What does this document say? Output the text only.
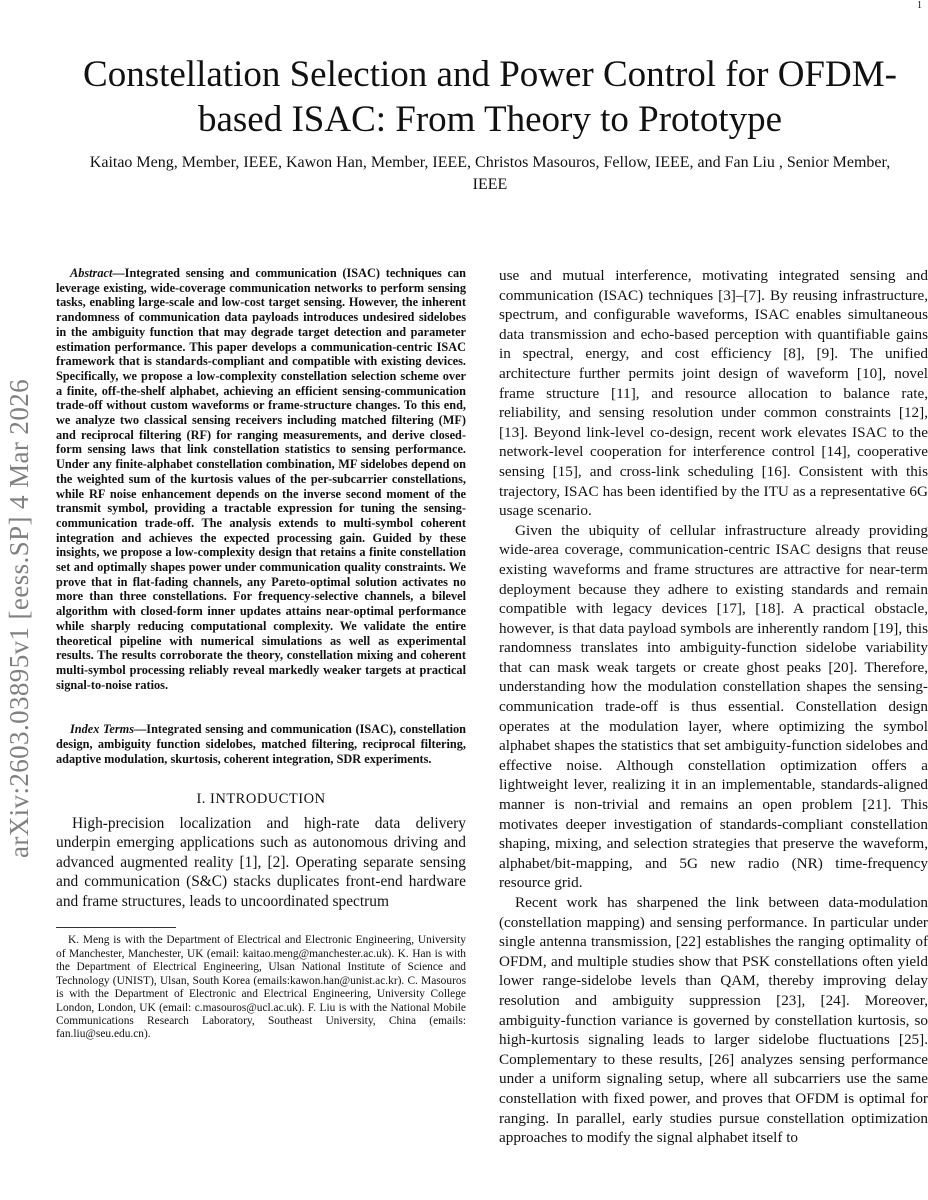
1
arXiv:2603.03895v1 [eess.SP] 4 Mar 2026
Constellation Selection and Power Control for OFDM-based ISAC: From Theory to Prototype
Kaitao Meng, Member, IEEE, Kawon Han, Member, IEEE, Christos Masouros, Fellow, IEEE, and Fan Liu , Senior Member, IEEE

Abstract—Integrated sensing and communication (ISAC) techniques can leverage existing, wide-coverage communication networks to perform sensing tasks, enabling large-scale and low-cost target sensing. However, the inherent randomness of communication data payloads introduces undesired sidelobes in the ambiguity function that may degrade target detection and parameter estimation performance. This paper develops a communication-centric ISAC framework that is standards-compliant and compatible with existing devices. Specifically, we propose a low-complexity constellation selection scheme over a finite, off-the-shelf alphabet, achieving an efficient sensing-communication trade-off without custom waveforms or frame-structure changes. To this end, we analyze two classical sensing receivers including matched filtering (MF) and reciprocal filtering (RF) for ranging measurements, and derive closed-form sensing laws that link constellation statistics to sensing performance. Under any finite-alphabet constellation combination, MF sidelobes depend on the weighted sum of the kurtosis values of the per-subcarrier constellations, while RF noise enhancement depends on the inverse second moment of the transmit symbol, providing a tractable expression for tuning the sensing-communication trade-off. The analysis extends to multi-symbol coherent integration and achieves the expected processing gain. Guided by these insights, we propose a low-complexity design that retains a finite constellation set and optimally shapes power under communication quality constraints. We prove that in flat-fading channels, any Pareto-optimal solution activates no more than three constellations. For frequency-selective channels, a bilevel algorithm with closed-form inner updates attains near-optimal performance while sharply reducing computational complexity. We validate the entire theoretical pipeline with numerical simulations as well as experimental results. The results corroborate the theory, constellation mixing and coherent multi-symbol processing reliably reveal markedly weaker targets at practical signal-to-noise ratios.

Index Terms—Integrated sensing and communication (ISAC), constellation design, ambiguity function sidelobes, matched filtering, reciprocal filtering, adaptive modulation, skurtosis, coherent integration, SDR experiments.

I. INTRODUCTION

High-precision localization and high-rate data delivery underpin emerging applications such as autonomous driving and advanced augmented reality [1], [2]. Operating separate sensing and communication (S&C) stacks duplicates front-end hardware and frame structures, leads to uncoordinated spectrum

K. Meng is with the Department of Electrical and Electronic Engineering, University of Manchester, Manchester, UK (email: kaitao.meng@manchester.ac.uk). K. Han is with the Department of Electrical Engineering, Ulsan National Institute of Science and Technology (UNIST), Ulsan, South Korea (emails:kawon.han@unist.ac.kr). C. Masouros is with the Department of Electronic and Electrical Engineering, University College London, London, UK (email: c.masouros@ucl.ac.uk). F. Liu is with the National Mobile Communications Research Laboratory, Southeast University, China (emails: fan.liu@seu.edu.cn).

use and mutual interference, motivating integrated sensing and communication (ISAC) techniques [3]–[7]. By reusing infrastructure, spectrum, and configurable waveforms, ISAC enables simultaneous data transmission and echo-based perception with quantifiable gains in spectral, energy, and cost efficiency [8], [9]. The unified architecture further permits joint design of waveform [10], novel frame structure [11], and resource allocation to balance rate, reliability, and sensing resolution under common constraints [12], [13]. Beyond link-level co-design, recent work elevates ISAC to the network-level cooperation for interference control [14], cooperative sensing [15], and cross-link scheduling [16]. Consistent with this trajectory, ISAC has been identified by the ITU as a representative 6G usage scenario.

Given the ubiquity of cellular infrastructure already providing wide-area coverage, communication-centric ISAC designs that reuse existing waveforms and frame structures are attractive for near-term deployment because they adhere to existing standards and remain compatible with legacy devices [17], [18]. A practical obstacle, however, is that data payload symbols are inherently random [19], this randomness translates into ambiguity-function sidelobe variability that can mask weak targets or create ghost peaks [20]. Therefore, understanding how the modulation constellation shapes the sensing-communication trade-off is thus essential. Constellation design operates at the modulation layer, where optimizing the symbol alphabet shapes the statistics that set ambiguity-function sidelobes and effective noise. Although constellation optimization offers a lightweight lever, realizing it in an implementable, standards-aligned manner is non-trivial and remains an open problem [21]. This motivates deeper investigation of standards-compliant constellation shaping, mixing, and selection strategies that preserve the waveform, alphabet/bit-mapping, and 5G new radio (NR) time-frequency resource grid.

Recent work has sharpened the link between data-modulation (constellation mapping) and sensing performance. In particular under single antenna transmission, [22] establishes the ranging optimality of OFDM, and multiple studies show that PSK constellations often yield lower range-sidelobe levels than QAM, thereby improving delay resolution and ambiguity suppression [23], [24]. Moreover, ambiguity-function variance is governed by constellation kurtosis, so high-kurtosis signaling leads to larger sidelobe fluctuations [25]. Complementary to these results, [26] analyzes sensing performance under a uniform signaling setup, where all subcarriers use the same constellation with fixed power, and proves that OFDM is optimal for ranging. In parallel, early studies pursue constellation optimization approaches to modify the signal alphabet itself to
